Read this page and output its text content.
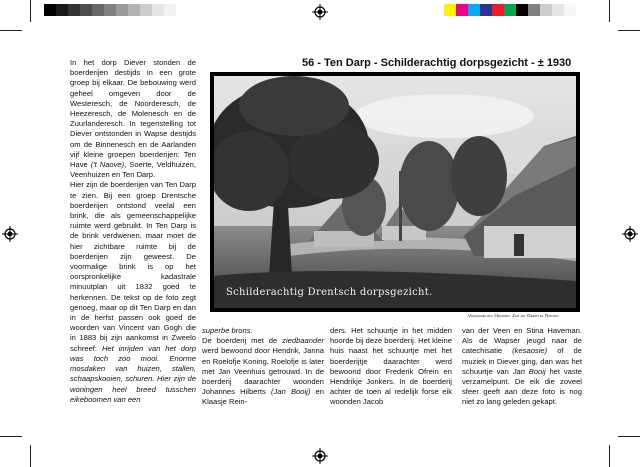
56 - Ten Darp - Schilderachtig dorpsgezicht - ± 1930

In het dorp Diever stonden de boerderijen destijds in een grote groep bij elkaar. De bebouwing werd geheel omgeven door de Westeresch, de Noorderesch, de Heezeresch, de Molenesch en de Zuurlanderesch. In tegenstelling tot Diever ontstonden in Wapse destijds om de Binnenesch en de Aarlanden vijf kleine groepen boerderijen: Ten Have ('t Naove), Soerte, Veldhuizen, Veenhuizen en Ten Darp.

Hier zijn de boerderijen van Ten Darp te zien. Bij een groep Drentsche boerderijen ontstond veelal een brink, die als gemeenschappelijke ruimte werd gebruikt. In Ten Darp is de brink verdwenen, maar moet de hier zichtbare ruimte bij de boerderijen zijn geweest. De voormalige brink is op het oorspronkelijke kadastrale minuutplan uit 1832 goed te herkennen. De tekst op de foto zegt genoeg, maar op dit Ten Darp en dan in de herfst passen ook goed de woorden van Vincent van Gogh die in 1883 bij zijn aankomst in Zweelo schreef: Het inrijden van het dorp was toch zoo mooi. Enorme mosdaken van huizen, stallen, schaapskooien, schuren. Hier zijn de woningen heel breed tusschen eikeboomen van een

Schilderachtig Drentsch dorpsgezicht.
Verzameling Hendrik Jan en Geertje Nooro

superbe brons.

De boerderij met de ziedbaander werd bewoond door Hendrik, Janna en Roelofje Koning. Roelofje is later met Jan Veenhuis getrouwd. In de boerderij daarachter woonden Johannes Hilberts (Jan Booij) en Klaasje Rein-

ders. Het schuurtje in het midden hoorde bij deze boerderij. Het kleine huis naast het schuurtje met het boerderijtje daarachter werd bewoond door Frederik Ofrein en Hendrikje Jonkers. In de boerderij achter de toen al redelijk forse eik woonden Jacob

van der Veen en Stina Haveman. Als de Wapser jeugd naar de catechisatie (kesaosie) of de muziek in Diever ging, dan was het schuurtje van Jan Booij het vaste verzamelpunt. De eik die zoveel sfeer geeft aan deze foto is nog niet zo lang geleden gekapt.
